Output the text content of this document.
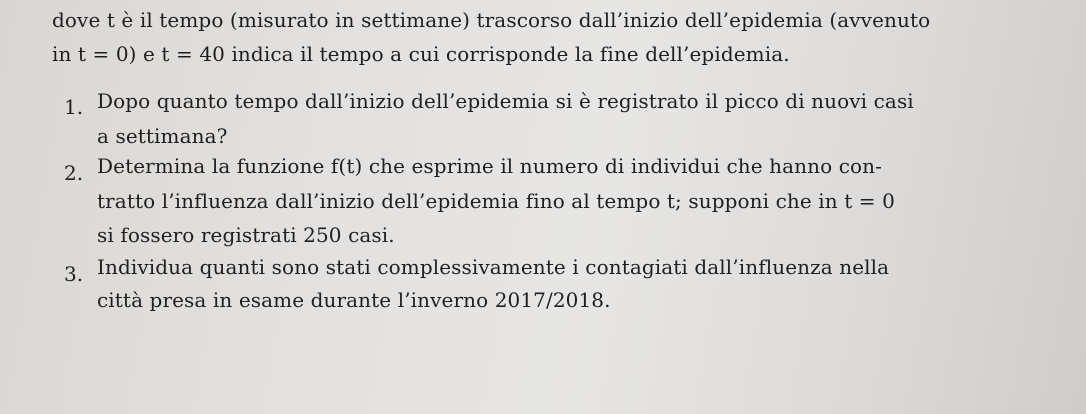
dove t è il tempo (misurato in settimane) trascorso dall’inizio dell’epidemia (avvenuto
in t = 0) e t = 40 indica il tempo a cui corrisponde la fine dell’epidemia.
1. Dopo quanto tempo dall’inizio dell’epidemia si è registrato il picco di nuovi casi
a settimana?
2. Determina la funzione f(t) che esprime il numero di individui che hanno con-
tratto l’influenza dall’inizio dell’epidemia fino al tempo t; supponi che in t = 0
si fossero registrati 250 casi.
3. Individua quanti sono stati complessivamente i contagiati dall’influenza nella
città presa in esame durante l’inverno 2017/2018.
